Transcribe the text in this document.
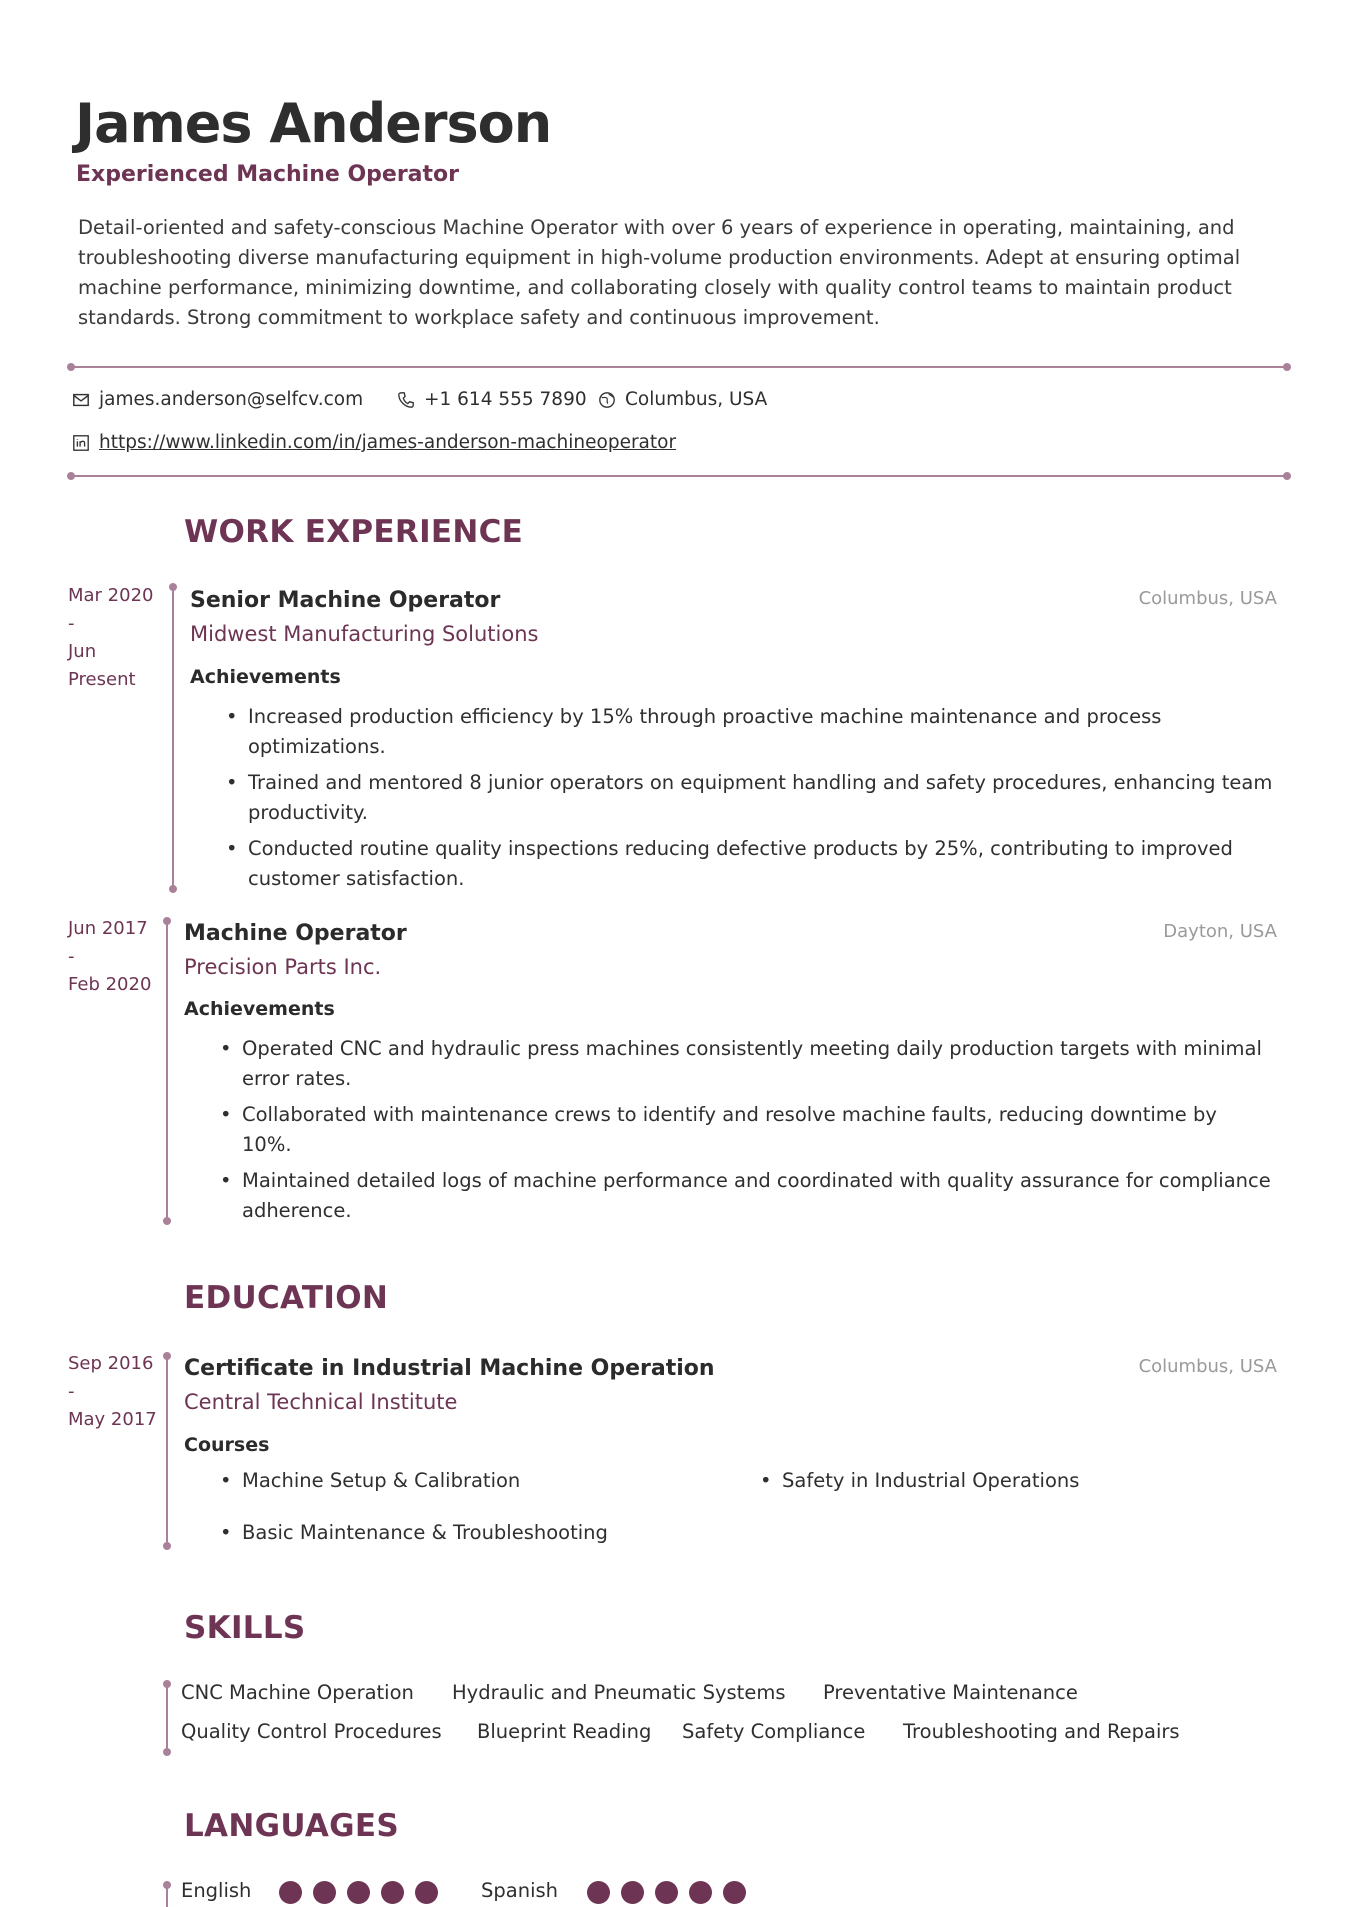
James Anderson
Experienced Machine Operator
Detail-oriented and safety-conscious Machine Operator with over 6 years of experience in operating, maintaining, and troubleshooting diverse manufacturing equipment in high-volume production environments. Adept at ensuring optimal machine performance, minimizing downtime, and collaborating closely with quality control teams to maintain product standards. Strong commitment to workplace safety and continuous improvement.
james.anderson@selfcv.com	+1 614 555 7890 Columbus, USA
https://www.linkedin.com/in/james-anderson-machineoperator
WORK EXPERIENCE
Mar 2020
-
Jun
Present
Senior Machine Operator	Columbus, USA
Midwest Manufacturing Solutions
Achievements
• Increased production efficiency by 15% through proactive machine maintenance and process optimizations.
• Trained and mentored 8 junior operators on equipment handling and safety procedures, enhancing team productivity.
• Conducted routine quality inspections reducing defective products by 25%, contributing to improved customer satisfaction.
Jun 2017
-
Feb 2020
Machine Operator	Dayton, USA
Precision Parts Inc.
Achievements
• Operated CNC and hydraulic press machines consistently meeting daily production targets with minimal error rates.
• Collaborated with maintenance crews to identify and resolve machine faults, reducing downtime by 10%.
• Maintained detailed logs of machine performance and coordinated with quality assurance for compliance adherence.
EDUCATION
Sep 2016
-
May 2017
Certificate in Industrial Machine Operation	Columbus, USA
Central Technical Institute
Courses
• Machine Setup & Calibration
•	Safety in Industrial Operations
• Basic Maintenance & Troubleshooting
SKILLS
CNC Machine Operation Hydraulic and Pneumatic Systems Preventative Maintenance
Quality Control Procedures Blueprint Reading Safety Compliance Troubleshooting and Repairs
LANGUAGES
English	Spanish
